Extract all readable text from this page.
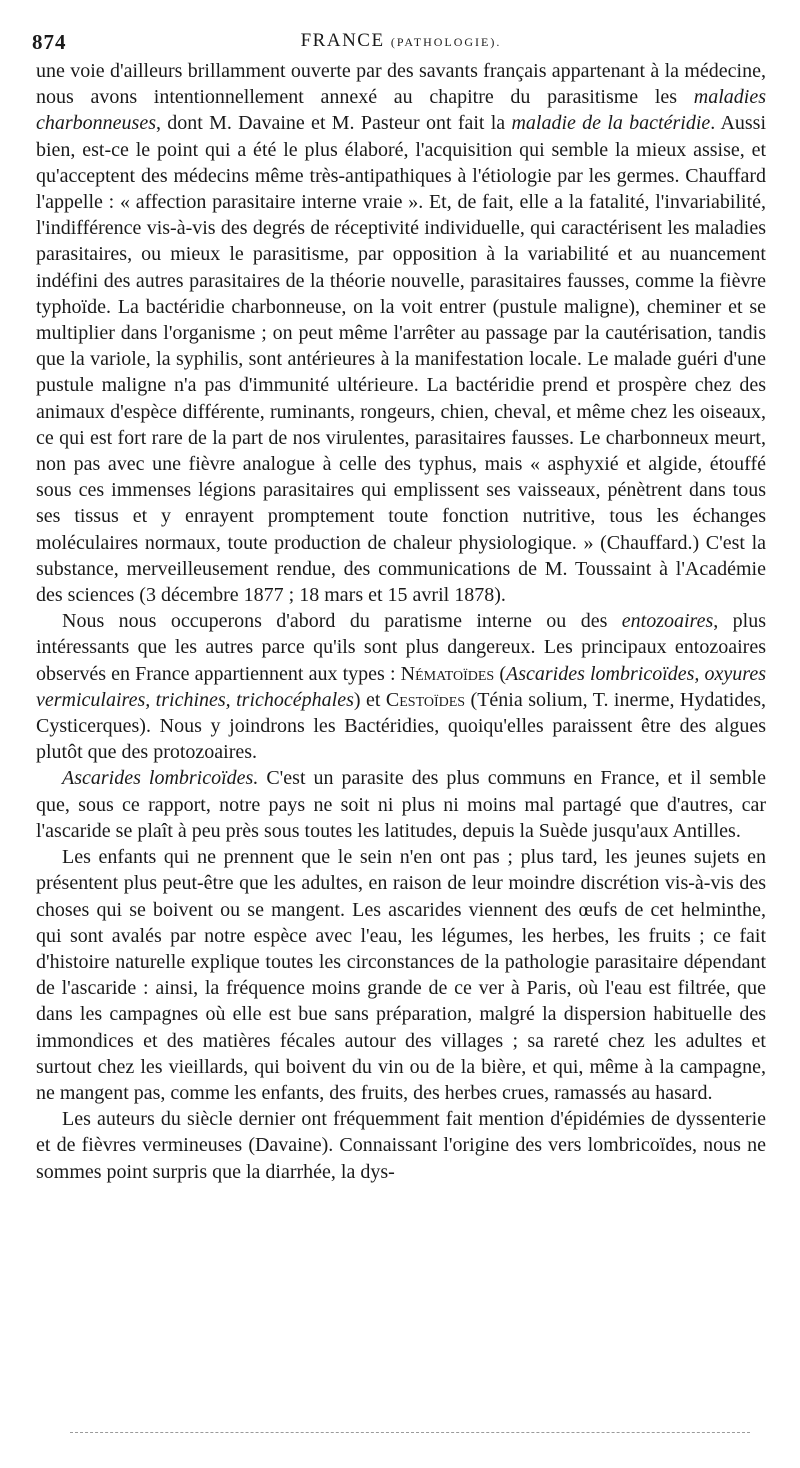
874	FRANCE (PATHOLOGIE).

une voie d'ailleurs brillamment ouverte par des savants français appartenant à la médecine, nous avons intentionnellement annexé au chapitre du parasitisme les maladies charbonneuses, dont M. Davaine et M. Pasteur ont fait la maladie de la bactéridie. Aussi bien, est-ce le point qui a été le plus élaboré, l'acquisition qui semble la mieux assise, et qu'acceptent des médecins même très-antipathiques à l'étiologie par les germes. Chauffard l'appelle : « affection parasitaire interne vraie ». Et, de fait, elle a la fatalité, l'invariabilité, l'indifférence vis-à-vis des degrés de réceptivité individuelle, qui caractérisent les maladies parasitaires, ou mieux le parasitisme, par opposition à la variabilité et au nuancement indéfini des autres parasitaires de la théorie nouvelle, parasitaires fausses, comme la fièvre typhoïde. La bactéridie charbonneuse, on la voit entrer (pustule maligne), cheminer et se multiplier dans l'organisme ; on peut même l'arrêter au passage par la cautérisation, tandis que la variole, la syphilis, sont antérieures à la manifestation locale. Le malade guéri d'une pustule maligne n'a pas d'immunité ultérieure. La bactéridie prend et prospère chez des animaux d'espèce différente, ruminants, rongeurs, chien, cheval, et même chez les oiseaux, ce qui est fort rare de la part de nos virulentes, parasitaires fausses. Le charbonneux meurt, non pas avec une fièvre analogue à celle des typhus, mais « asphyxié et algide, étouffé sous ces immenses légions parasitaires qui emplissent ses vaisseaux, pénètrent dans tous ses tissus et y enrayent promptement toute fonction nutritive, tous les échanges moléculaires normaux, toute production de chaleur physiologique. » (Chauffard.) C'est la substance, merveilleusement rendue, des communications de M. Toussaint à l'Académie des sciences (3 décembre 1877 ; 18 mars et 15 avril 1878).

Nous nous occuperons d'abord du paratisme interne ou des entozoaires, plus intéressants que les autres parce qu'ils sont plus dangereux. Les principaux entozoaires observés en France appartiennent aux types : Nématoïdes (Ascarides lombricoïdes, oxyures vermiculaires, trichines, trichocéphales) et Cestoïdes (Ténia solium, T. inerme, Hydatides, Cysticerques). Nous y joindrons les Bactéridies, quoiqu'elles paraissent être des algues plutôt que des protozoaires.

Ascarides lombricoïdes. C'est un parasite des plus communs en France, et il semble que, sous ce rapport, notre pays ne soit ni plus ni moins mal partagé que d'autres, car l'ascaride se plaît à peu près sous toutes les latitudes, depuis la Suède jusqu'aux Antilles.

Les enfants qui ne prennent que le sein n'en ont pas ; plus tard, les jeunes sujets en présentent plus peut-être que les adultes, en raison de leur moindre discrétion vis-à-vis des choses qui se boivent ou se mangent. Les ascarides viennent des œufs de cet helminthe, qui sont avalés par notre espèce avec l'eau, les légumes, les herbes, les fruits ; ce fait d'histoire naturelle explique toutes les circonstances de la pathologie parasitaire dépendant de l'ascaride : ainsi, la fréquence moins grande de ce ver à Paris, où l'eau est filtrée, que dans les campagnes où elle est bue sans préparation, malgré la dispersion habituelle des immondices et des matières fécales autour des villages ; sa rareté chez les adultes et surtout chez les vieillards, qui boivent du vin ou de la bière, et qui, même à la campagne, ne mangent pas, comme les enfants, des fruits, des herbes crues, ramassés au hasard.

Les auteurs du siècle dernier ont fréquemment fait mention d'épidémies de dyssenterie et de fièvres vermineuses (Davaine). Connaissant l'origine des vers lombricoïdes, nous ne sommes point surpris que la diarrhée, la dys-
